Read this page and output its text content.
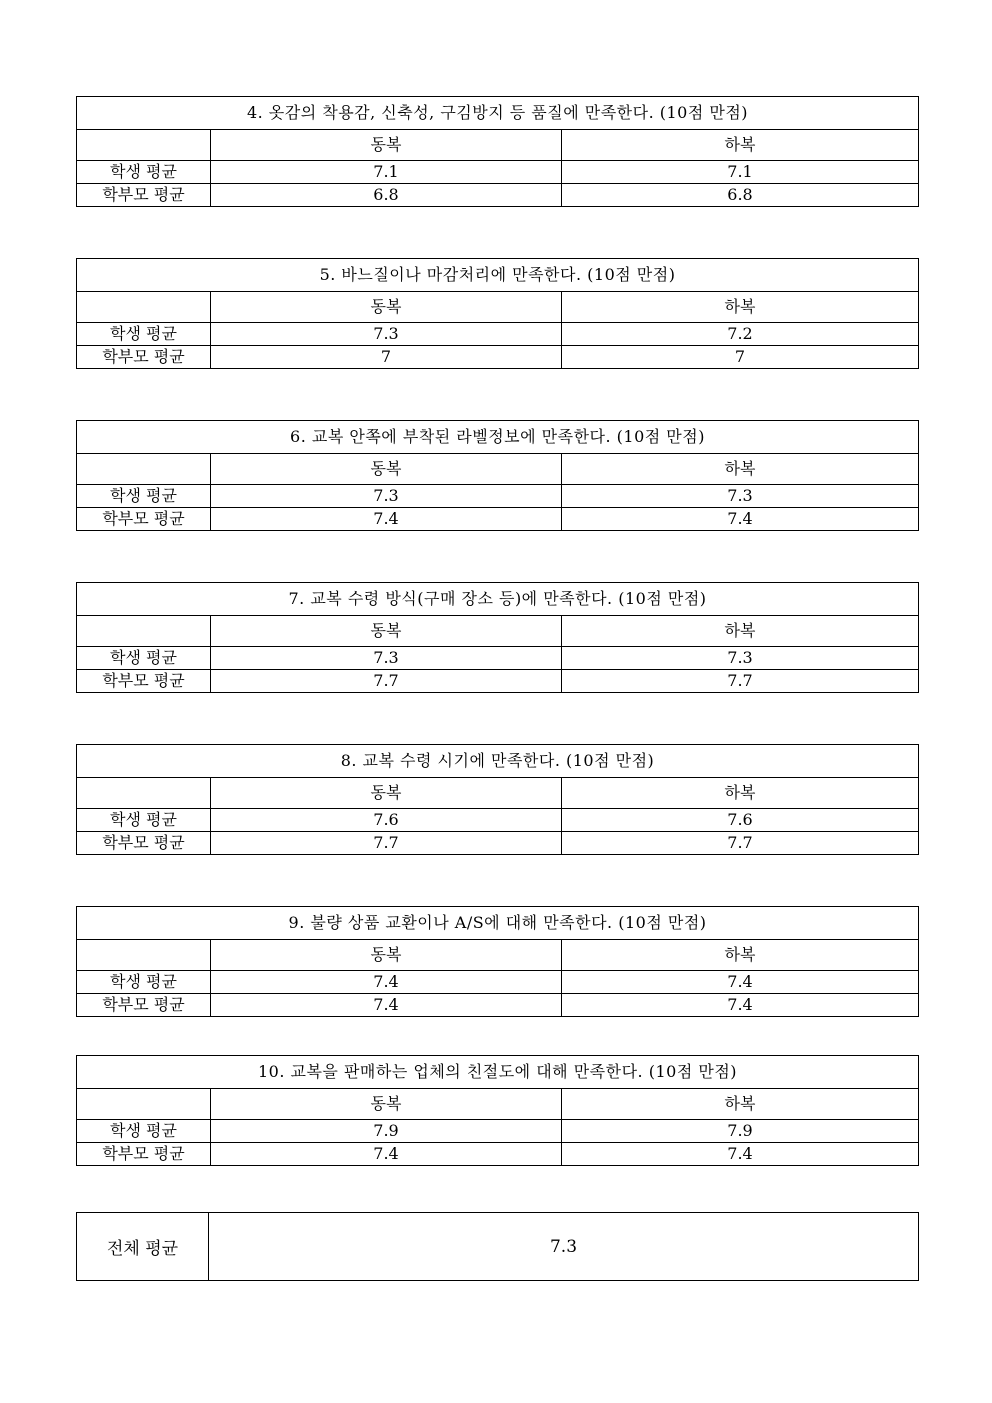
4. 옷감의 착용감, 신축성, 구김방지 등 품질에 만족한다. (10점 만점)		
	동복	하복
학생 평균	7.1	7.1
학부모 평균	6.8	6.8
5. 바느질이나 마감처리에 만족한다. (10점 만점)		
	동복	하복
학생 평균	7.3	7.2
학부모 평균	7	7
6. 교복 안쪽에 부착된 라벨정보에 만족한다. (10점 만점)		
	동복	하복
학생 평균	7.3	7.3
학부모 평균	7.4	7.4
7. 교복 수령 방식(구매 장소 등)에 만족한다. (10점 만점)		
	동복	하복
학생 평균	7.3	7.3
학부모 평균	7.7	7.7
8. 교복 수령 시기에 만족한다. (10점 만점)		
	동복	하복
학생 평균	7.6	7.6
학부모 평균	7.7	7.7
9. 불량 상품 교환이나 A/S에 대해 만족한다. (10점 만점)		
	동복	하복
학생 평균	7.4	7.4
학부모 평균	7.4	7.4
10. 교복을 판매하는 업체의 친절도에 대해 만족한다. (10점 만점)		
	동복	하복
학생 평균	7.9	7.9
학부모 평균	7.4	7.4
전체 평균	7.3
